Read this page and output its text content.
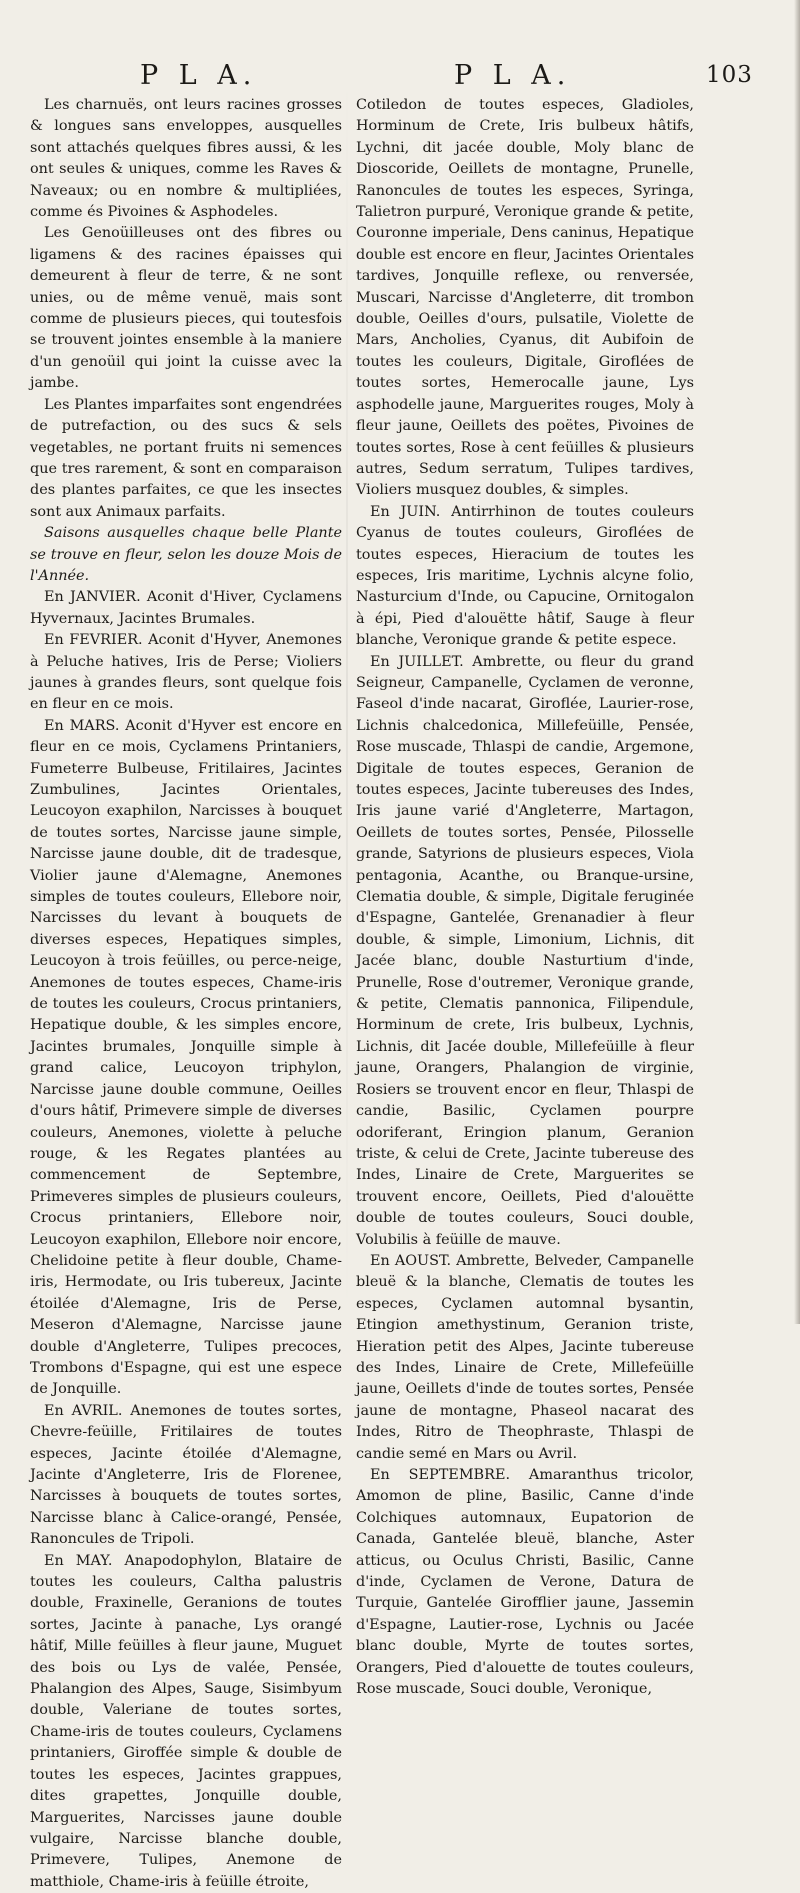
P L A.	P L A.	103

Les charnuës, ont leurs racines grosses & longues sans enveloppes, ausquelles sont attachés quelques fibres aussi, & les ont seules & uniques, comme les Raves & Naveaux; ou en nombre & multipliées, comme és Pivoines & Asphodeles.

Les Genoüilleuses ont des fibres ou ligamens & des racines épaisses qui demeurent à fleur de terre, & ne sont unies, ou de même venuë, mais sont comme de plusieurs pieces, qui toutesfois se trouvent jointes ensemble à la maniere d'un genoüil qui joint la cuisse avec la jambe.

Les Plantes imparfaites sont engendrées de putrefaction, ou des sucs & sels vegetables, ne portant fruits ni semences que tres rarement, & sont en comparaison des plantes parfaites, ce que les insectes sont aux Animaux parfaits.

Saisons ausquelles chaque belle Plante se trouve en fleur, selon les douze Mois de l'Année.

En JANVIER. Aconit d'Hiver, Cyclamens Hyvernaux, Jacintes Brumales.

En FEVRIER. Aconit d'Hyver, Anemones à Peluche hatives, Iris de Perse; Violiers jaunes à grandes fleurs, sont quelque fois en fleur en ce mois.

En MARS. Aconit d'Hyver est encore en fleur en ce mois, Cyclamens Printaniers, Fumeterre Bulbeuse, Fritilaires, Jacintes Zumbulines, Jacintes Orientales, Leucoyon exaphilon, Narcisses à bouquet de toutes sortes, Narcisse jaune simple, Narcisse jaune double, dit de tradesque, Violier jaune d'Alemagne, Anemones simples de toutes couleurs, Ellebore noir, Narcisses du levant à bouquets de diverses especes, Hepatiques simples, Leucoyon à trois feüilles, ou perce-neige, Anemones de toutes especes, Chame-iris de toutes les couleurs, Crocus printaniers, Hepatique double, & les simples encore, Jacintes brumales, Jonquille simple à grand calice, Leucoyon triphylon, Narcisse jaune double commune, Oeilles d'ours hâtif, Primevere simple de diverses couleurs, Anemones, violette à peluche rouge, & les Regates plantées au commencement de Septembre, Primeveres simples de plusieurs couleurs, Crocus printaniers, Ellebore noir, Leucoyon exaphilon, Ellebore noir encore, Chelidoine petite à fleur double, Chame-iris, Hermodate, ou Iris tubereux, Jacinte étoilée d'Alemagne, Iris de Perse, Meseron d'Alemagne, Narcisse jaune double d'Angleterre, Tulipes precoces, Trombons d'Espagne, qui est une espece de Jonquille.

En AVRIL. Anemones de toutes sortes, Chevre-feüille, Fritilaires de toutes especes, Jacinte étoilée d'Alemagne, Jacinte d'Angleterre, Iris de Florenee, Narcisses à bouquets de toutes sortes, Narcisse blanc à Calice-orangé, Pensée, Ranoncules de Tripoli.

En MAY. Anapodophylon, Blataire de toutes les couleurs, Caltha palustris double, Fraxinelle, Geranions de toutes sortes, Jacinte à panache, Lys orangé hâtif, Mille feüilles à fleur jaune, Muguet des bois ou Lys de valée, Pensée, Phalangion des Alpes, Sauge, Sisimbyum double, Valeriane de toutes sortes, Chame-iris de toutes couleurs, Cyclamens printaniers, Giroffée simple & double de toutes les especes, Jacintes grappues, dites grapettes, Jonquille double, Marguerites, Narcisses jaune double vulgaire, Narcisse blanche double, Primevere, Tulipes, Anemone de matthiole, Chame-iris à feüille étroite,

Cotiledon de toutes especes, Gladioles, Horminum de Crete, Iris bulbeux hâtifs, Lychni, dit jacée double, Moly blanc de Dioscoride, Oeillets de montagne, Prunelle, Ranoncules de toutes les especes, Syringa, Talietron purpuré, Veronique grande & petite, Couronne imperiale, Dens caninus, Hepatique double est encore en fleur, Jacintes Orientales tardives, Jonquille reflexe, ou renversée, Muscari, Narcisse d'Angleterre, dit trombon double, Oeilles d'ours, pulsatile, Violette de Mars, Ancholies, Cyanus, dit Aubifoin de toutes les couleurs, Digitale, Giroflées de toutes sortes, Hemerocalle jaune, Lys asphodelle jaune, Marguerites rouges, Moly à fleur jaune, Oeillets des poëtes, Pivoines de toutes sortes, Rose à cent feüilles & plusieurs autres, Sedum serratum, Tulipes tardives, Violiers musquez doubles, & simples.

En JUIN. Antirrhinon de toutes couleurs Cyanus de toutes couleurs, Giroflées de toutes especes, Hieracium de toutes les especes, Iris maritime, Lychnis alcyne folio, Nasturcium d'Inde, ou Capucine, Ornitogalon à épi, Pied d'alouëtte hâtif, Sauge à fleur blanche, Veronique grande & petite espece.

En JUILLET. Ambrette, ou fleur du grand Seigneur, Campanelle, Cyclamen de veronne, Faseol d'inde nacarat, Giroflée, Laurier-rose, Lichnis chalcedonica, Millefeüille, Pensée, Rose muscade, Thlaspi de candie, Argemone, Digitale de toutes especes, Geranion de toutes especes, Jacinte tubereuses des Indes, Iris jaune varié d'Angleterre, Martagon, Oeillets de toutes sortes, Pensée, Pilosselle grande, Satyrions de plusieurs especes, Viola pentagonia, Acanthe, ou Branque-ursine, Clematia double, & simple, Digitale feruginée d'Espagne, Gantelée, Grenanadier à fleur double, & simple, Limonium, Lichnis, dit Jacée blanc, double Nasturtium d'inde, Prunelle, Rose d'outremer, Veronique grande, & petite, Clematis pannonica, Filipendule, Horminum de crete, Iris bulbeux, Lychnis, Lichnis, dit Jacée double, Millefeüille à fleur jaune, Orangers, Phalangion de virginie, Rosiers se trouvent encor en fleur, Thlaspi de candie, Basilic, Cyclamen pourpre odoriferant, Eringion planum, Geranion triste, & celui de Crete, Jacinte tubereuse des Indes, Linaire de Crete, Marguerites se trouvent encore, Oeillets, Pied d'alouëtte double de toutes couleurs, Souci double, Volubilis à feüille de mauve.

En AOUST. Ambrette, Belveder, Campanelle bleuë & la blanche, Clematis de toutes les especes, Cyclamen automnal bysantin, Etingion amethystinum, Geranion triste, Hieration petit des Alpes, Jacinte tubereuse des Indes, Linaire de Crete, Millefeüille jaune, Oeillets d'inde de toutes sortes, Pensée jaune de montagne, Phaseol nacarat des Indes, Ritro de Theophraste, Thlaspi de candie semé en Mars ou Avril.

En SEPTEMBRE. Amaranthus tricolor, Amomon de pline, Basilic, Canne d'inde Colchiques automnaux, Eupatorion de Canada, Gantelée bleuë, blanche, Aster atticus, ou Oculus Christi, Basilic, Canne d'inde, Cyclamen de Verone, Datura de Turquie, Gantelée Girofflier jaune, Jassemin d'Espagne, Lautier-rose, Lychnis ou Jacée blanc double, Myrte de toutes sortes, Orangers, Pied d'alouette de toutes couleurs, Rose muscade, Souci double, Veronique,
